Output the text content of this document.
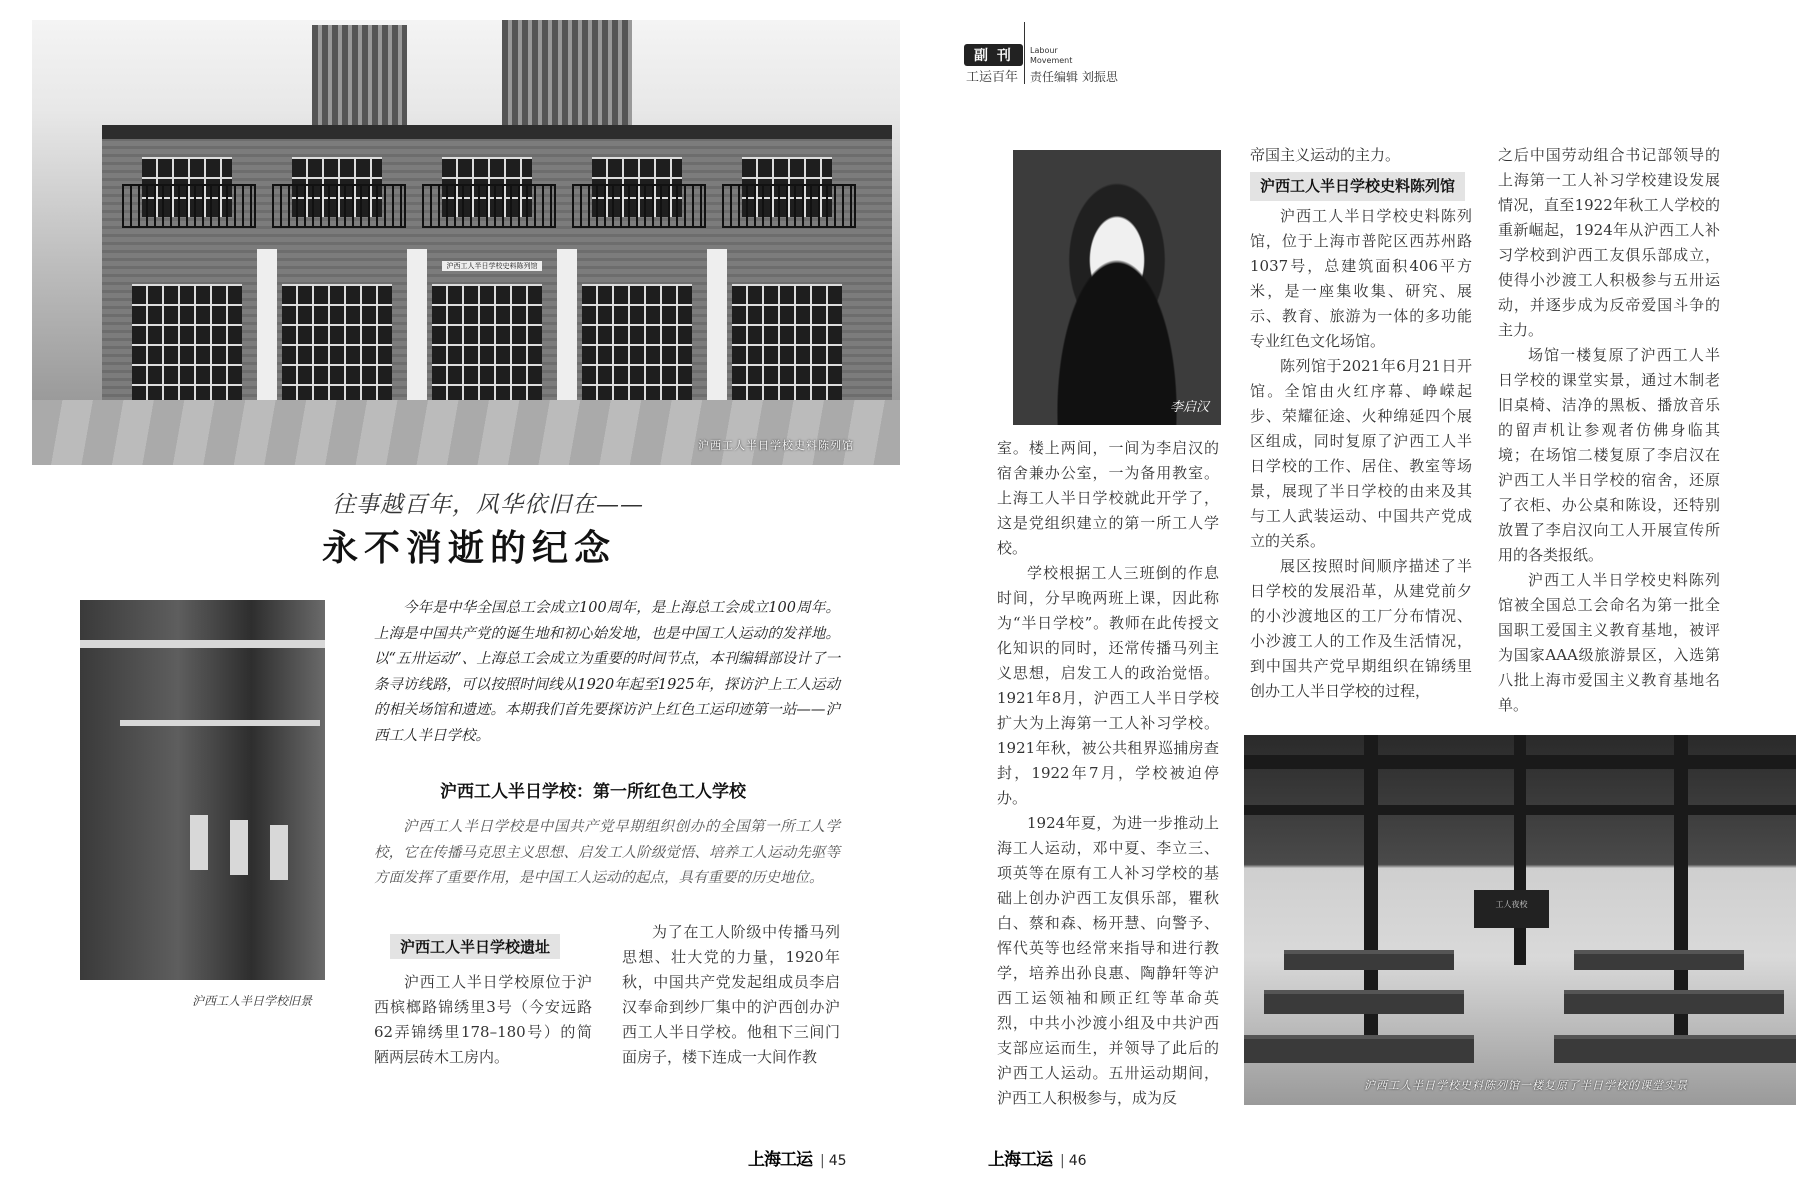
沪西工人半日学校史料陈列馆
沪西工人半日学校史料陈列馆
往事越百年，风华依旧在——
永不消逝的纪念
沪西工人半日学校旧景

今年是中华全国总工会成立100周年，是上海总工会成立100周年。上海是中国共产党的诞生地和初心始发地，也是中国工人运动的发祥地。以“五卅运动”、上海总工会成立为重要的时间节点，本刊编辑部设计了一条寻访线路，可以按照时间线从1920年起至1925年，探访沪上工人运动的相关场馆和遗迹。本期我们首先要探访沪上红色工运印迹第一站——沪西工人半日学校。

沪西工人半日学校：第一所红色工人学校

沪西工人半日学校是中国共产党早期组织创办的全国第一所工人学校，它在传播马克思主义思想、启发工人阶级觉悟、培养工人运动先驱等方面发挥了重要作用，是中国工人运动的起点，具有重要的历史地位。

沪西工人半日学校遗址

沪西工人半日学校原位于沪西槟榔路锦绣里3号（今安远路62弄锦绣里178–180号）的简陋两层砖木工房内。

为了在工人阶级中传播马列思想、壮大党的力量，1920年秋，中国共产党发起组成员李启汉奉命到纱厂集中的沪西创办沪西工人半日学校。他租下三间门面房子，楼下连成一大间作教

上海工运 | 45
副 刊
工运百年
Labour
Movement
责任编辑 刘振思
李启汉

室。楼上两间，一间为李启汉的宿舍兼办公室，一为备用教室。上海工人半日学校就此开学了，这是党组织建立的第一所工人学校。

学校根据工人三班倒的作息时间，分早晚两班上课，因此称为“半日学校”。教师在此传授文化知识的同时，还常传播马列主义思想，启发工人的政治觉悟。1921年8月，沪西工人半日学校扩大为上海第一工人补习学校。1921年秋，被公共租界巡捕房查封，1922年7月，学校被迫停办。

1924年夏，为进一步推动上海工人运动，邓中夏、李立三、项英等在原有工人补习学校的基础上创办沪西工友俱乐部，瞿秋白、蔡和森、杨开慧、向警予、恽代英等也经常来指导和进行教学，培养出孙良惠、陶静轩等沪西工运领袖和顾正红等革命英烈，中共小沙渡小组及中共沪西支部应运而生，并领导了此后的沪西工人运动。五卅运动期间，沪西工人积极参与，成为反

帝国主义运动的主力。

沪西工人半日学校史料陈列馆

沪西工人半日学校史料陈列馆，位于上海市普陀区西苏州路1037号，总建筑面积406平方米，是一座集收集、研究、展示、教育、旅游为一体的多功能专业红色文化场馆。

陈列馆于2021年6月21日开馆。全馆由火红序幕、峥嵘起步、荣耀征途、火种绵延四个展区组成，同时复原了沪西工人半日学校的工作、居住、教室等场景，展现了半日学校的由来及其与工人武装运动、中国共产党成立的关系。

展区按照时间顺序描述了半日学校的发展沿革，从建党前夕的小沙渡地区的工厂分布情况、小沙渡工人的工作及生活情况，到中国共产党早期组织在锦绣里创办工人半日学校的过程，

之后中国劳动组合书记部领导的上海第一工人补习学校建设发展情况，直至1922年秋工人学校的重新崛起，1924年从沪西工人补习学校到沪西工友俱乐部成立，使得小沙渡工人积极参与五卅运动，并逐步成为反帝爱国斗争的主力。

场馆一楼复原了沪西工人半日学校的课堂实景，通过木制老旧桌椅、洁净的黑板、播放音乐的留声机让参观者仿佛身临其境；在场馆二楼复原了李启汉在沪西工人半日学校的宿舍，还原了衣柜、办公桌和陈设，还特别放置了李启汉向工人开展宣传所用的各类报纸。

沪西工人半日学校史料陈列馆被全国总工会命名为第一批全国职工爱国主义教育基地，被评为国家AAA级旅游景区，入选第八批上海市爱国主义教育基地名单。

工人夜校
沪西工人半日学校史料陈列馆一楼复原了半日学校的课堂实景
上海工运 | 46
